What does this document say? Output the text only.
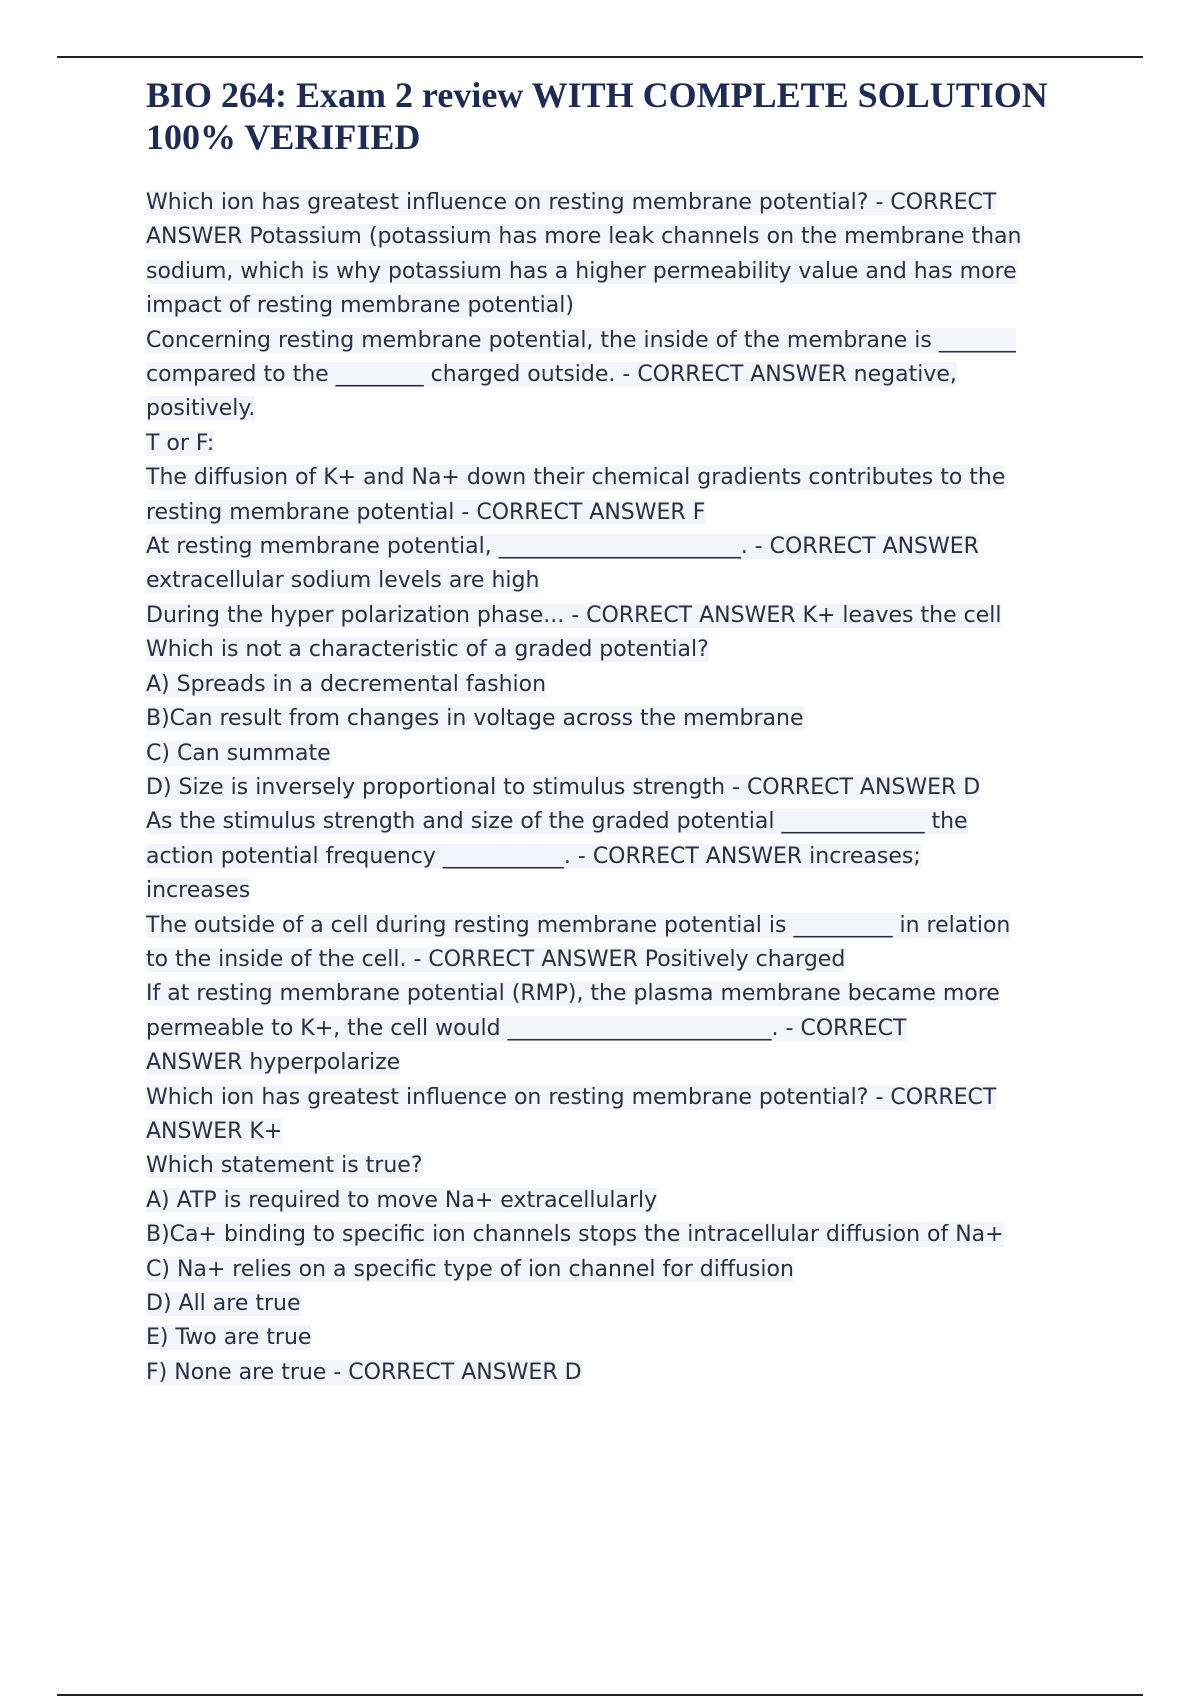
BIO 264: Exam 2 review WITH COMPLETE SOLUTION
100% VERIFIED
Which ion has greatest influence on resting membrane potential? - CORRECT
ANSWER Potassium (potassium has more leak channels on the membrane than
sodium, which is why potassium has a higher permeability value and has more
impact of resting membrane potential)
Concerning resting membrane potential, the inside of the membrane is _______
compared to the ________ charged outside. - CORRECT ANSWER negative,
positively.
T or F:
The diffusion of K+ and Na+ down their chemical gradients contributes to the
resting membrane potential - CORRECT ANSWER F
At resting membrane potential, ______________________. - CORRECT ANSWER
extracellular sodium levels are high
During the hyper polarization phase... - CORRECT ANSWER K+ leaves the cell
Which is not a characteristic of a graded potential?
A) Spreads in a decremental fashion
B)Can result from changes in voltage across the membrane
C) Can summate
D) Size is inversely proportional to stimulus strength - CORRECT ANSWER D
As the stimulus strength and size of the graded potential _____________ the
action potential frequency ___________. - CORRECT ANSWER increases;
increases
The outside of a cell during resting membrane potential is _________ in relation
to the inside of the cell. - CORRECT ANSWER Positively charged
If at resting membrane potential (RMP), the plasma membrane became more
permeable to K+, the cell would ________________________. - CORRECT
ANSWER hyperpolarize
Which ion has greatest influence on resting membrane potential? - CORRECT
ANSWER K+
Which statement is true?
A) ATP is required to move Na+ extracellularly
B)Ca+ binding to specific ion channels stops the intracellular diffusion of Na+
C) Na+ relies on a specific type of ion channel for diffusion
D) All are true
E) Two are true
F) None are true - CORRECT ANSWER D
